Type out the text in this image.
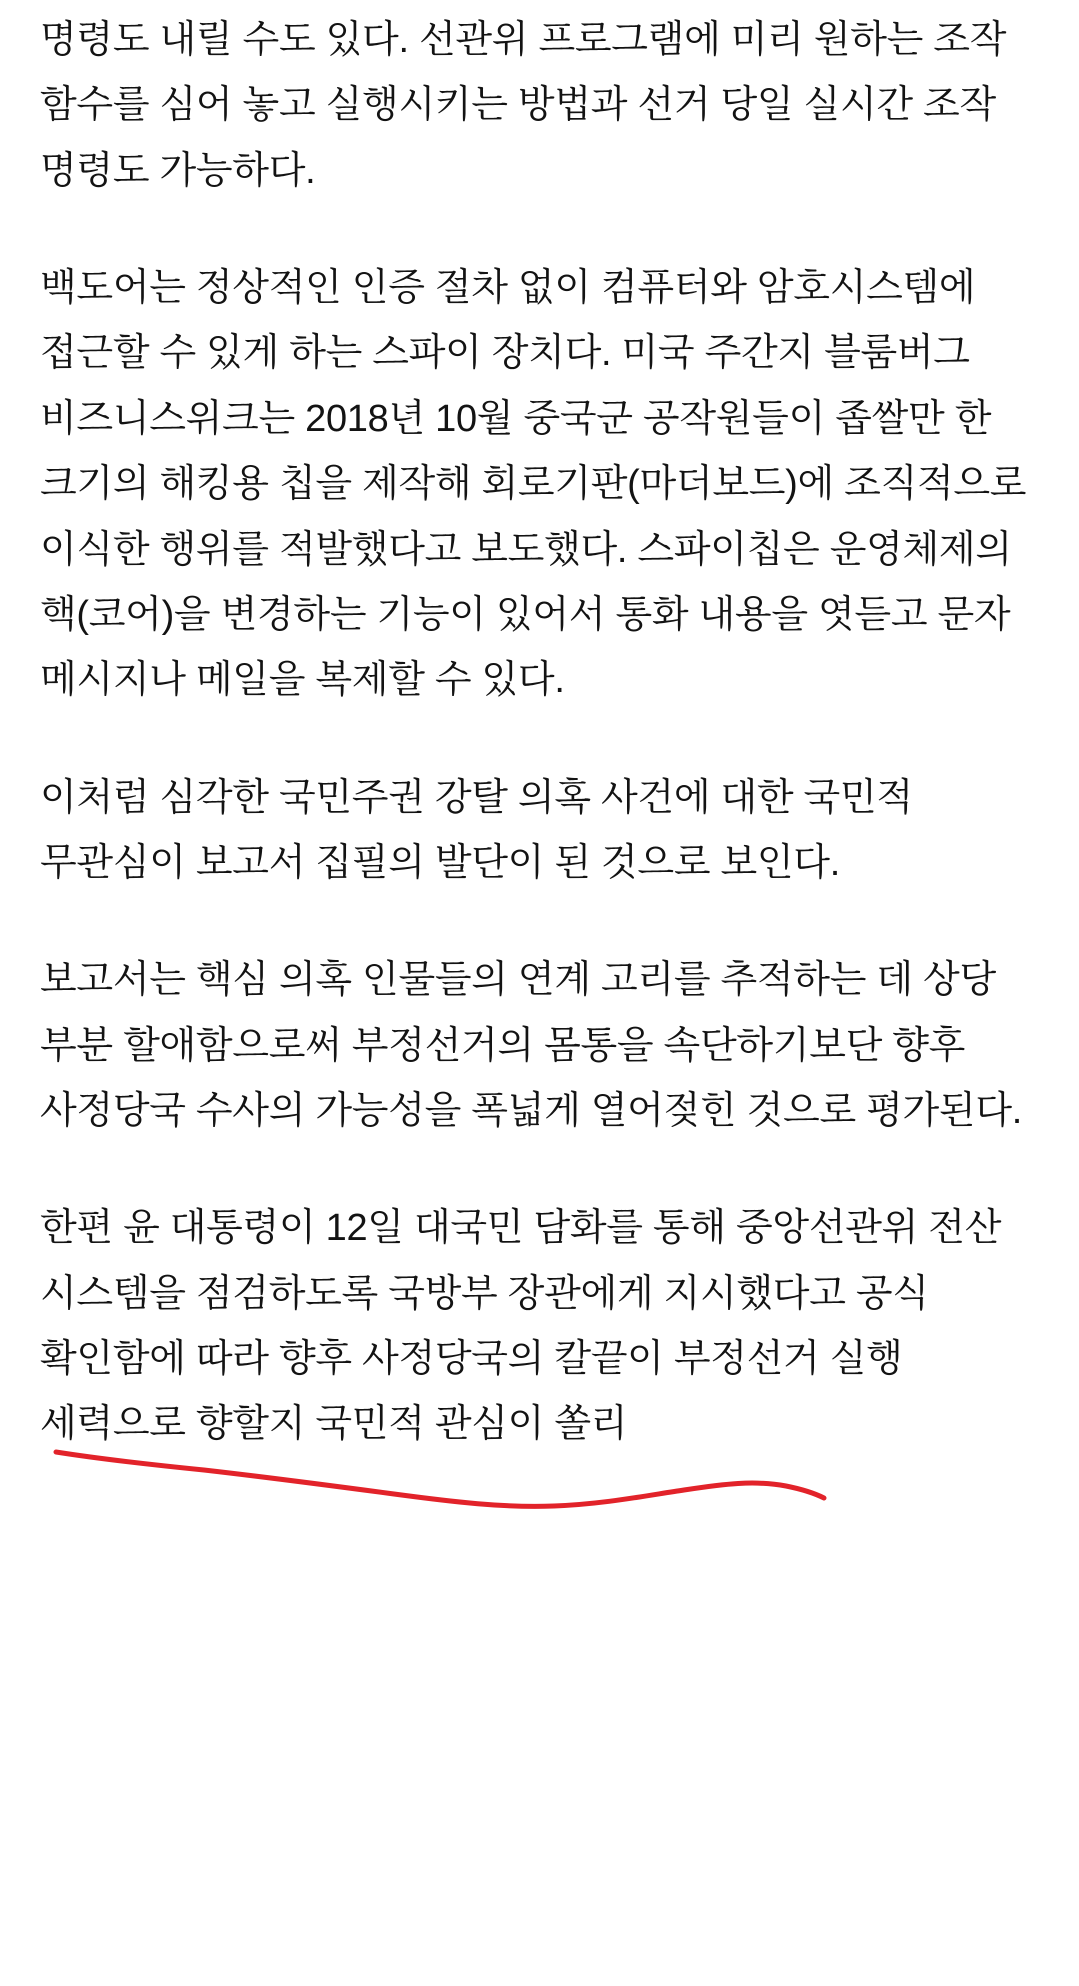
명령도 내릴 수도 있다. 선관위 프로그램에 미리 원하는 조작 함수를 심어 놓고 실행시키는 방법과 선거 당일 실시간 조작 명령도 가능하다.

백도어는 정상적인 인증 절차 없이 컴퓨터와 암호시스템에 접근할 수 있게 하는 스파이 장치다. 미국 주간지 블룸버그 비즈니스위크는 2018년 10월 중국군 공작원들이 좁쌀만 한 크기의 해킹용 칩을 제작해 회로기판(마더보드)에 조직적으로 이식한 행위를 적발했다고 보도했다. 스파이칩은 운영체제의 핵(코어)을 변경하는 기능이 있어서 통화 내용을 엿듣고 문자 메시지나 메일을 복제할 수 있다.

이처럼 심각한 국민주권 강탈 의혹 사건에 대한 국민적 무관심이 보고서 집필의 발단이 된 것으로 보인다.

보고서는 핵심 의혹 인물들의 연계 고리를 추적하는 데 상당 부분 할애함으로써 부정선거의 몸통을 속단하기보단 향후 사정당국 수사의 가능성을 폭넓게 열어젖힌 것으로 평가된다.

한편 윤 대통령이 12일 대국민 담화를 통해 중앙선관위 전산 시스템을 점검하도록 국방부 장관에게 지시했다고 공식 확인함에 따라 향후 사정당국의 칼끝이 부정선거 실행 세력으로 향할지 국민적 관심이 쏠리
